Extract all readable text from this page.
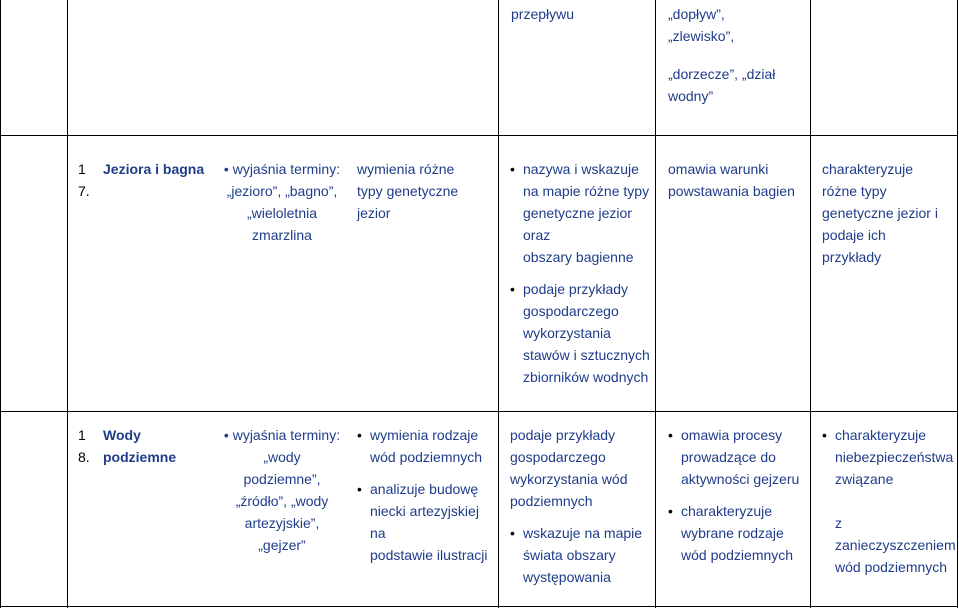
przepływu	„dopływ”,
„zlewisko”,
„dorzecze”, „dział
wodny”
1
7.
Jeziora i bagna	• wyjaśnia terminy:
„jezioro”, „bagno”,
„wieloletnia
zmarzlina
wymienia różne
typy genetyczne
jezior
• nazywa i wskazuje
na mapie różne typy
genetyczne jezior oraz
obszary bagienne
• podaje przykłady
gospodarczego
wykorzystania
stawów i sztucznych
zbiorników wodnych
omawia warunki
powstawania bagien
charakteryzuje
różne typy
genetyczne jezior i
podaje ich
przykłady
1
8.
Wody
podziemne
• wyjaśnia terminy:
„wody
podziemne”,
„źródło”, „wody
artezyjskie”,
„gejzer”
• wymienia rodzaje
wód podziemnych
• analizuje budowę
niecki artezyjskiej na
podstawie ilustracji
podaje przykłady
gospodarczego
wykorzystania wód
podziemnych
• wskazuje na mapie
świata obszary
występowania
• omawia procesy
prowadzące do
aktywności gejzeru
• charakteryzuje
wybrane rodzaje
wód podziemnych
• charakteryzuje
niebezpieczeństwa
związane

z
zanieczyszczeniem
wód podziemnych
